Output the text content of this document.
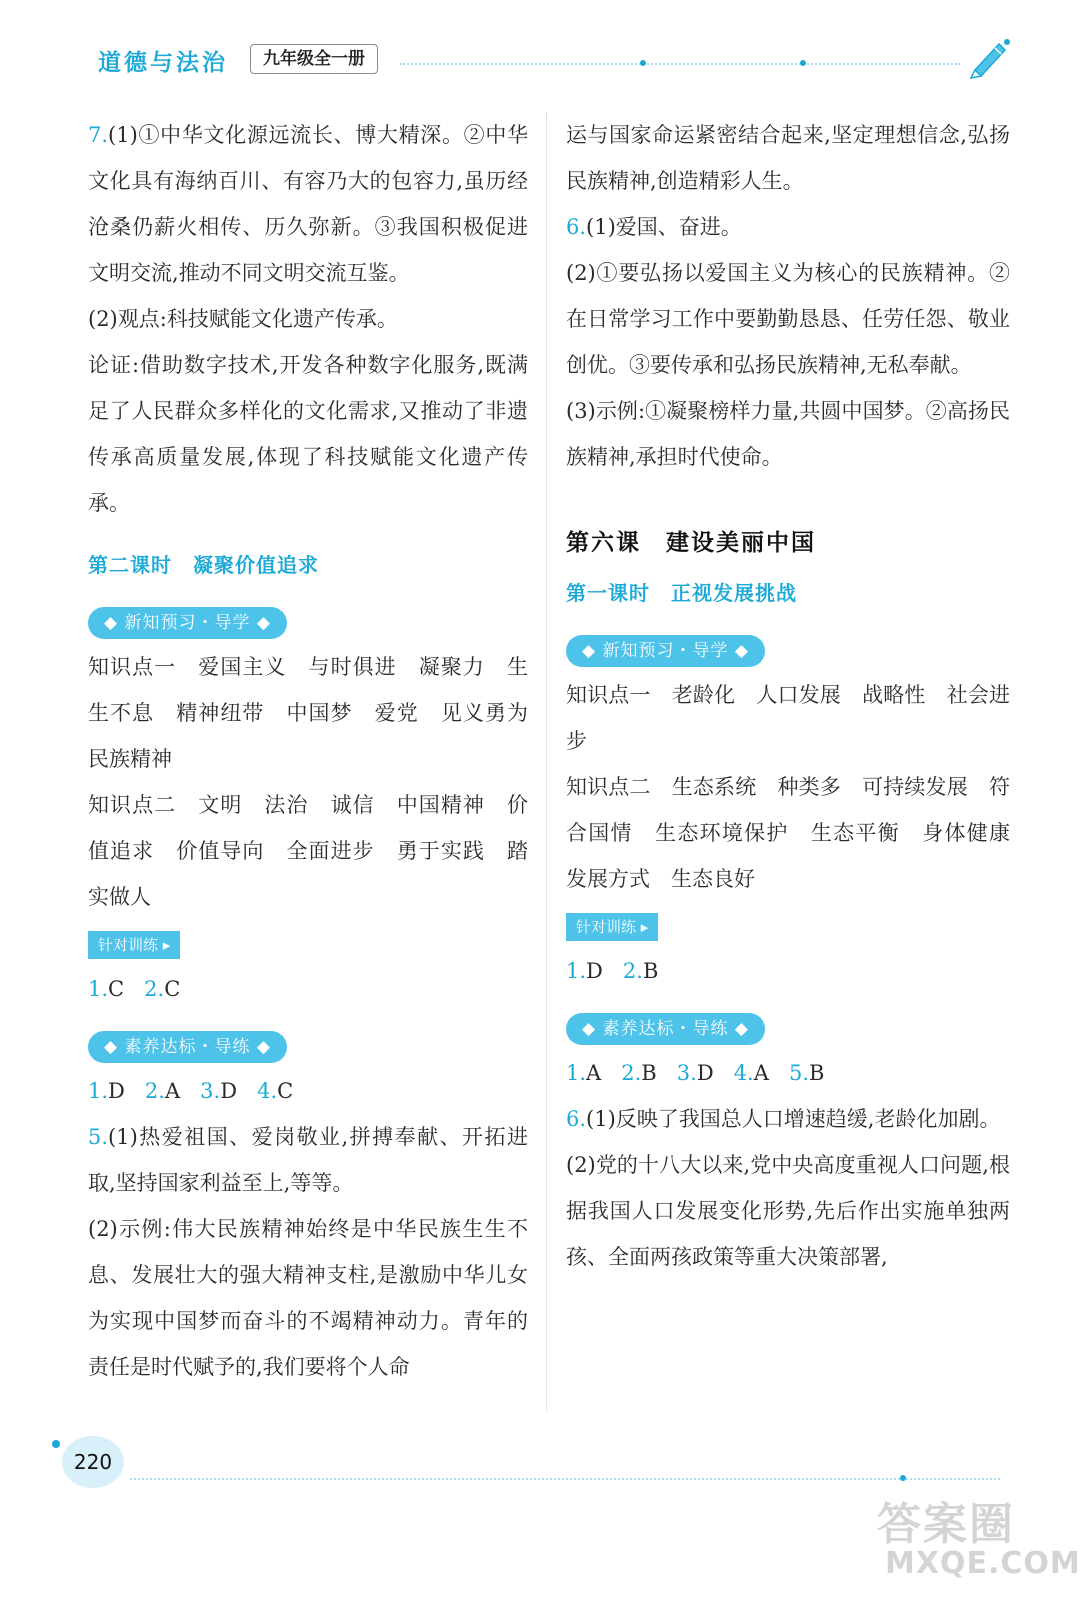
道德与法治	九年级全一册

7.(1)①中华文化源远流长、博大精深。②中华文化具有海纳百川、有容乃大的包容力,虽历经沧桑仍薪火相传、历久弥新。③我国积极促进文明交流,推动不同文明交流互鉴。

(2)观点:科技赋能文化遗产传承。

论证:借助数字技术,开发各种数字化服务,既满足了人民群众多样化的文化需求,又推动了非遗传承高质量发展,体现了科技赋能文化遗产传承。

第二课时　凝聚价值追求

◆ 新知预习・导学 ◆

知识点一　爱国主义　与时俱进　凝聚力　生生不息　精神纽带　中国梦　爱党　见义勇为　民族精神

知识点二　文明　法治　诚信　中国精神　价值追求　价值导向　全面进步　勇于实践　踏实做人

针对训练 ▸

1.C 2.C

◆ 素养达标・导练 ◆

1.D 2.A 3.D 4.C

5.(1)热爱祖国、爱岗敬业,拼搏奉献、开拓进取,坚持国家利益至上,等等。

(2)示例:伟大民族精神始终是中华民族生生不息、发展壮大的强大精神支柱,是激励中华儿女为实现中国梦而奋斗的不竭精神动力。青年的责任是时代赋予的,我们要将个人命

运与国家命运紧密结合起来,坚定理想信念,弘扬民族精神,创造精彩人生。

6.(1)爱国、奋进。

(2)①要弘扬以爱国主义为核心的民族精神。②在日常学习工作中要勤勤恳恳、任劳任怨、敬业创优。③要传承和弘扬民族精神,无私奉献。

(3)示例:①凝聚榜样力量,共圆中国梦。②高扬民族精神,承担时代使命。

第六课　建设美丽中国

第一课时　正视发展挑战

◆ 新知预习・导学 ◆

知识点一　老龄化　人口发展　战略性　社会进步

知识点二　生态系统　种类多　可持续发展　符合国情　生态环境保护　生态平衡　身体健康　发展方式　生态良好

针对训练 ▸

1.D 2.B

◆ 素养达标・导练 ◆

1.A 2.B 3.D 4.A 5.B

6.(1)反映了我国总人口增速趋缓,老龄化加剧。

(2)党的十八大以来,党中央高度重视人口问题,根据我国人口发展变化形势,先后作出实施单独两孩、全面两孩政策等重大决策部署,

220
答案圈
MXQE.COM
